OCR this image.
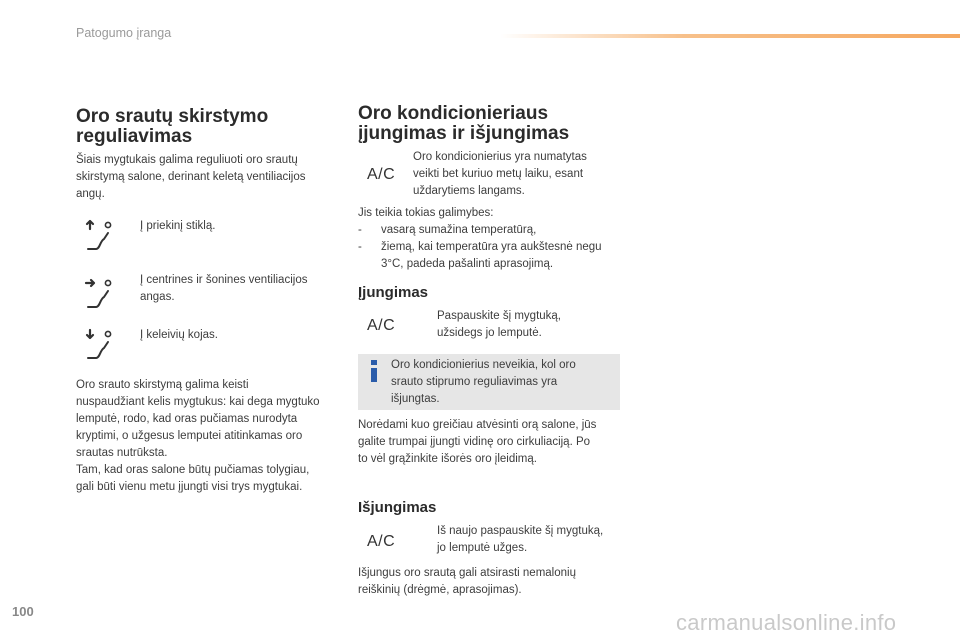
Patogumo įranga
Oro srautų skirstymo
reguliavimas
Šiais mygtukais galima reguliuoti oro srautų
skirstymą salone, derinant keletą ventiliacijos
angų.
Į priekinį stiklą.
Į centrines ir šonines ventiliacijos
angas.
Į keleivių kojas.
Oro srauto skirstymą galima keisti
nuspaudžiant kelis mygtukus: kai dega mygtuko
lemputė, rodo, kad oras pučiamas nurodyta
kryptimi, o užgesus lemputei atitinkamas oro
srautas nutrūksta.
Tam, kad oras salone būtų pučiamas tolygiau,
gali būti vienu metu įjungti visi trys mygtukai.
Oro kondicionieriaus
įjungimas ir išjungimas
A/C
Oro kondicionierius yra numatytas
veikti bet kuriuo metų laiku, esant
uždarytiems langams.
Jis teikia tokias galimybes:
- vasarą sumažina temperatūrą,
- žiemą, kai temperatūra yra aukštesnė negu
3°C, padeda pašalinti aprasojimą.
Įjungimas
Paspauskite šį mygtuką,
užsidegs jo lemputė.
A/C
Oro kondicionierius neveikia, kol oro
srauto stiprumo reguliavimas yra
išjungtas.
Norėdami kuo greičiau atvėsinti orą salone, jūs
galite trumpai įjungti vidinę oro cirkuliaciją. Po
to vėl grąžinkite išorės oro įleidimą.
Išjungimas
Iš naujo paspauskite šį mygtuką,
jo lemputė užges.
A/C
Išjungus oro srautą gali atsirasti nemalonių
reiškinių (drėgmė, aprasojimas).
100	carmanualsonline.info
